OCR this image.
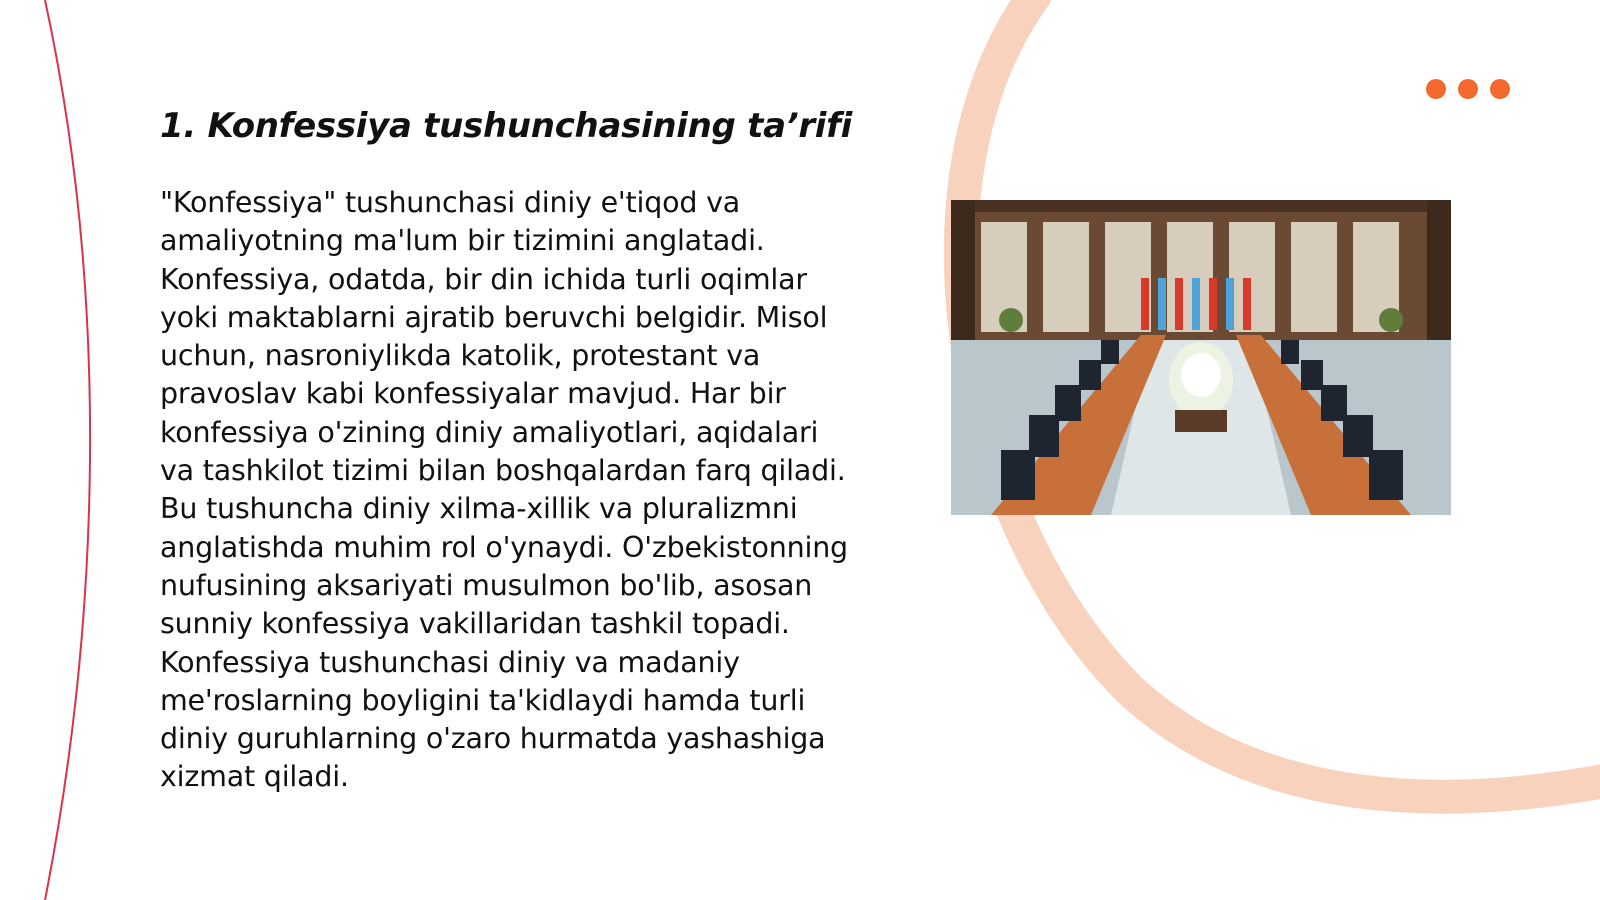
1. Konfessiya tushunchasining ta’rifi

"Konfessiya" tushunchasi diniy e'tiqod va amaliyotning ma'lum bir tizimini anglatadi. Konfessiya, odatda, bir din ichida turli oqimlar yoki maktablarni ajratib beruvchi belgidir. Misol uchun, nasroniylikda katolik, protestant va pravoslav kabi konfessiyalar mavjud. Har bir konfessiya o'zining diniy amaliyotlari, aqidalari va tashkilot tizimi bilan boshqalardan farq qiladi. Bu tushuncha diniy xilma-xillik va pluralizmni anglatishda muhim rol o'ynaydi. O'zbekistonning nufusining aksariyati musulmon bo'lib, asosan sunniy konfessiya vakillaridan tashkil topadi. Konfessiya tushunchasi diniy va madaniy me'roslarning boyligini ta'kidlaydi hamda turli diniy guruhlarning o'zaro hurmatda yashashiga xizmat qiladi.
